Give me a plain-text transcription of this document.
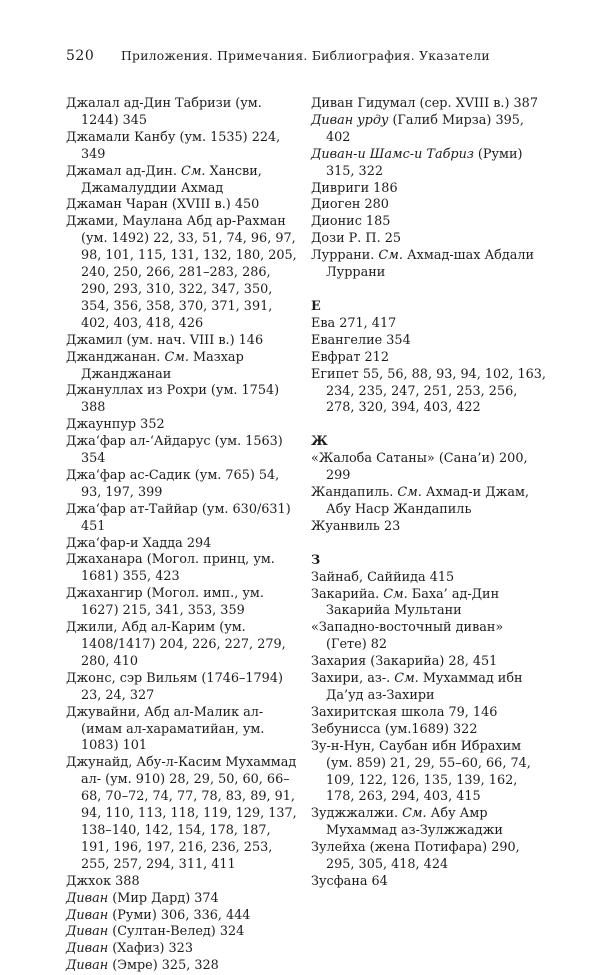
520 Приложения. Примечания. Библиография. Указатели

Джалал ад-Дин Табризи (ум. 1244) 345

Джамали Канбу (ум. 1535) 224, 349

Джамал ад-Дин. См. Хансви, Джамалуддии Ахмад

Джаман Чаран (XVIII в.) 450

Джами, Маулана Абд ар-Рахман (ум. 1492) 22, 33, 51, 74, 96, 97, 98, 101, 115, 131, 132, 180, 205, 240, 250, 266, 281–283, 286, 290, 293, 310, 322, 347, 350, 354, 356, 358, 370, 371, 391, 402, 403, 418, 426

Джамил (ум. нач. VIII в.) 146

Джанджанан. См. Мазхар Джанджанаи

Джануллах из Рохри (ум. 1754) 388

Джаунпур 352

Джа‘фар ал-‘Айдарус (ум. 1563) 354

Джа‘фар ас-Садик (ум. 765) 54, 93, 197, 399

Джа‘фар ат-Таййар (ум. 630/631) 451

Джа‘фар-и Хадда 294

Джаханара (Могол. принц, ум. 1681) 355, 423

Джахангир (Могол. имп., ум. 1627) 215, 341, 353, 359

Джили, Абд ал-Карим (ум. 1408/1417) 204, 226, 227, 279, 280, 410

Джонс, сэр Вильям (1746–1794) 23, 24, 327

Джувайни, Абд ал-Малик ал- (имам ал-хараматийан, ум. 1083) 101

Джунайд, Абу-л-Касим Мухаммад ал- (ум. 910) 28, 29, 50, 60, 66–68, 70–72, 74, 77, 78, 83, 89, 91, 94, 110, 113, 118, 119, 129, 137, 138–140, 142, 154, 178, 187, 191, 196, 197, 216, 236, 253, 255, 257, 294, 311, 411

Джхок 388

Диван (Мир Дард) 374

Диван (Руми) 306, 336, 444

Диван (Султан-Велед) 324

Диван (Хафиз) 323

Диван (Эмре) 325, 328

Диван Гидумал (сер. XVIII в.) 387

Диван урду (Галиб Мирза) 395, 402

Диван-и Шамс-и Табриз (Руми) 315, 322

Дивриги 186

Диоген 280

Дионис 185

Дози Р. П. 25

Луррани. См. Ахмад-шах Абдали Луррани

Е

Ева 271, 417

Евангелие 354

Евфрат 212

Египет 55, 56, 88, 93, 94, 102, 163, 234, 235, 247, 251, 253, 256, 278, 320, 394, 403, 422

Ж

«Жалоба Сатаны» (Сана’и) 200, 299

Жандапиль. См. Ахмад-и Джам, Абу Наср Жандапиль

Жуанвиль 23

З

Зайнаб, Саййида 415

Закарийа. См. Баха’ ад-Дин Закарийа Мультани

«Западно-восточный диван» (Гете) 82

Захария (Закарийа) 28, 451

Захири, аз-. См. Мухаммад ибн Да’уд аз-Захири

Захиритская школа 79, 146

Зебунисса (ум.1689) 322

Зу-н-Нун, Саубан ибн Ибрахим (ум. 859) 21, 29, 55–60, 66, 74, 109, 122, 126, 135, 139, 162, 178, 263, 294, 403, 415

Зуджжалжи. См. Абу Амр Мухаммад аз-Зулжжаджи

Зулейха (жена Потифара) 290, 295, 305, 418, 424

Зусфана 64
